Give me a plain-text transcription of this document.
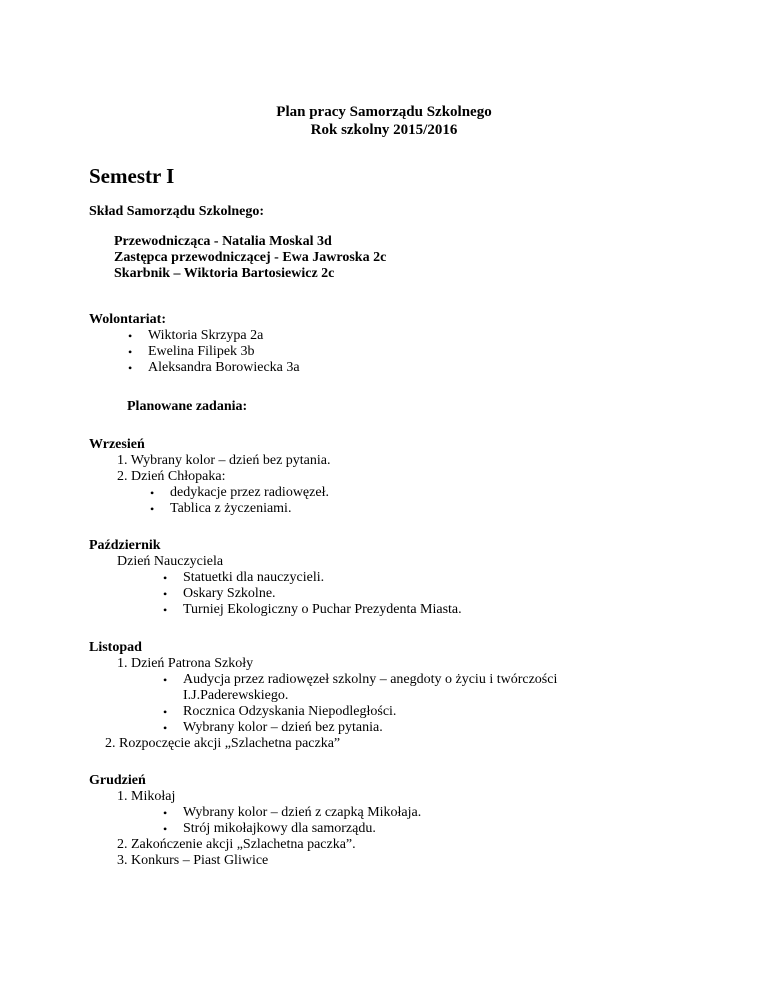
Plan pracy Samorządu Szkolnego
Rok szkolny 2015/2016
Semestr I
Skład Samorządu Szkolnego:
Przewodnicząca - Natalia Moskal 3d
Zastępca przewodniczącej - Ewa Jawroska 2c
Skarbnik – Wiktoria Bartosiewicz 2c
Wolontariat:
• Wiktoria Skrzypa 2a
• Ewelina Filipek 3b
• Aleksandra Borowiecka 3a
Planowane zadania:
Wrzesień
1. Wybrany kolor – dzień bez pytania.
2. Dzień Chłopaka:
• dedykacje przez radiowęzeł.
• Tablica z życzeniami.
Październik
Dzień Nauczyciela
• Statuetki dla nauczycieli.
• Oskary Szkolne.
• Turniej Ekologiczny o Puchar Prezydenta Miasta.
Listopad
1. Dzień Patrona Szkoły
• Audycja przez radiowęzeł szkolny – anegdoty o życiu i twórczości
I.J.Paderewskiego.
• Rocznica Odzyskania Niepodległości.
• Wybrany kolor – dzień bez pytania.
2. Rozpoczęcie akcji „Szlachetna paczka”
Grudzień
1. Mikołaj
• Wybrany kolor – dzień z czapką Mikołaja.
• Strój mikołajkowy dla samorządu.
2. Zakończenie akcji „Szlachetna paczka”.
3. Konkurs – Piast Gliwice
